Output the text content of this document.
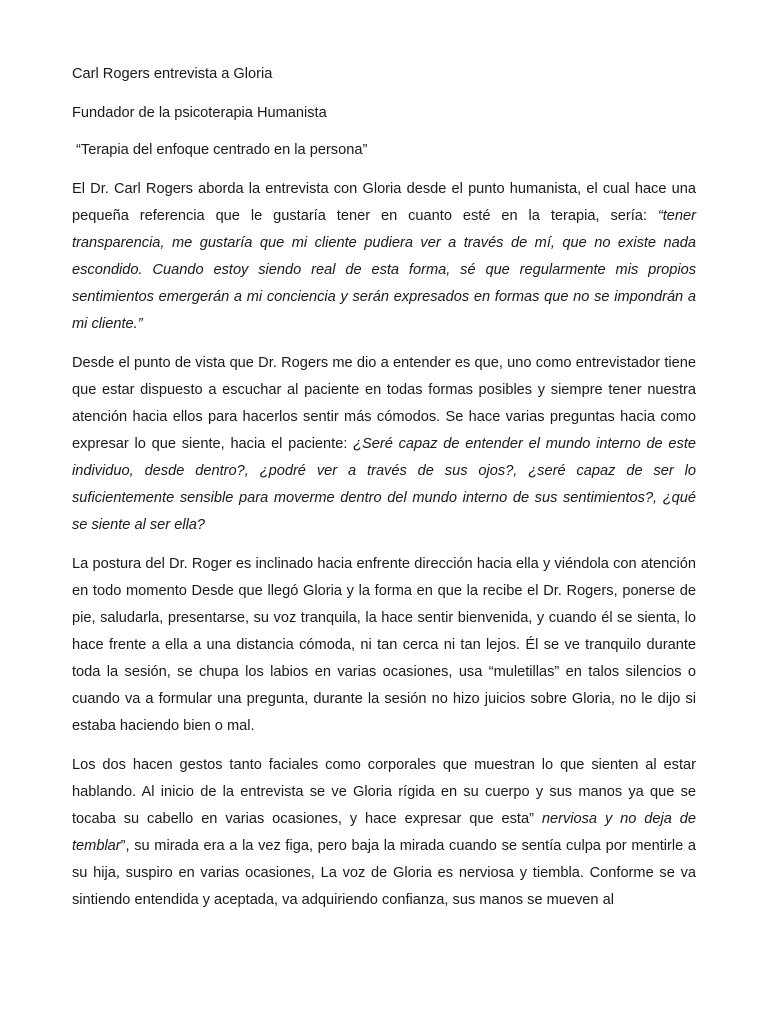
Carl Rogers entrevista a Gloria

Fundador de la psicoterapia Humanista

“Terapia del enfoque centrado en la persona”

El Dr. Carl Rogers aborda la entrevista con Gloria desde el punto humanista, el cual hace una pequeña referencia que le gustaría tener en cuanto esté en la terapia, sería: “tener transparencia, me gustaría que mi cliente pudiera ver a través de mí, que no existe nada escondido. Cuando estoy siendo real de esta forma, sé que regularmente mis propios sentimientos emergerán a mi conciencia y serán expresados en formas que no se impondrán a mi cliente.”

Desde el punto de vista que Dr. Rogers me dio a entender es que, uno como entrevistador tiene que estar dispuesto a escuchar al paciente en todas formas posibles y siempre tener nuestra atención hacia ellos para hacerlos sentir más cómodos. Se hace varias preguntas hacia como expresar lo que siente, hacia el paciente: ¿Seré capaz de entender el mundo interno de este individuo, desde dentro?, ¿podré ver a través de sus ojos?, ¿seré capaz de ser lo suficientemente sensible para moverme dentro del mundo interno de sus sentimientos?, ¿qué se siente al ser ella?

La postura del Dr. Roger es inclinado hacia enfrente dirección hacia ella y viéndola con atención en todo momento Desde que llegó Gloria y la forma en que la recibe el Dr. Rogers, ponerse de pie, saludarla, presentarse, su voz tranquila, la hace sentir bienvenida, y cuando él se sienta, lo hace frente a ella a una distancia cómoda, ni tan cerca ni tan lejos. Él se ve tranquilo durante toda la sesión, se chupa los labios en varias ocasiones, usa “muletillas” en talos silencios o cuando va a formular una pregunta, durante la sesión no hizo juicios sobre Gloria, no le dijo si estaba haciendo bien o mal.

Los dos hacen gestos tanto faciales como corporales que muestran lo que sienten al estar hablando. Al inicio de la entrevista se ve Gloria rígida en su cuerpo y sus manos ya que se tocaba su cabello en varias ocasiones, y hace expresar que esta” nerviosa y no deja de temblar”, su mirada era a la vez figa, pero baja la mirada cuando se sentía culpa por mentirle a su hija, suspiro en varias ocasiones, La voz de Gloria es nerviosa y tiembla. Conforme se va sintiendo entendida y aceptada, va adquiriendo confianza, sus manos se mueven al
